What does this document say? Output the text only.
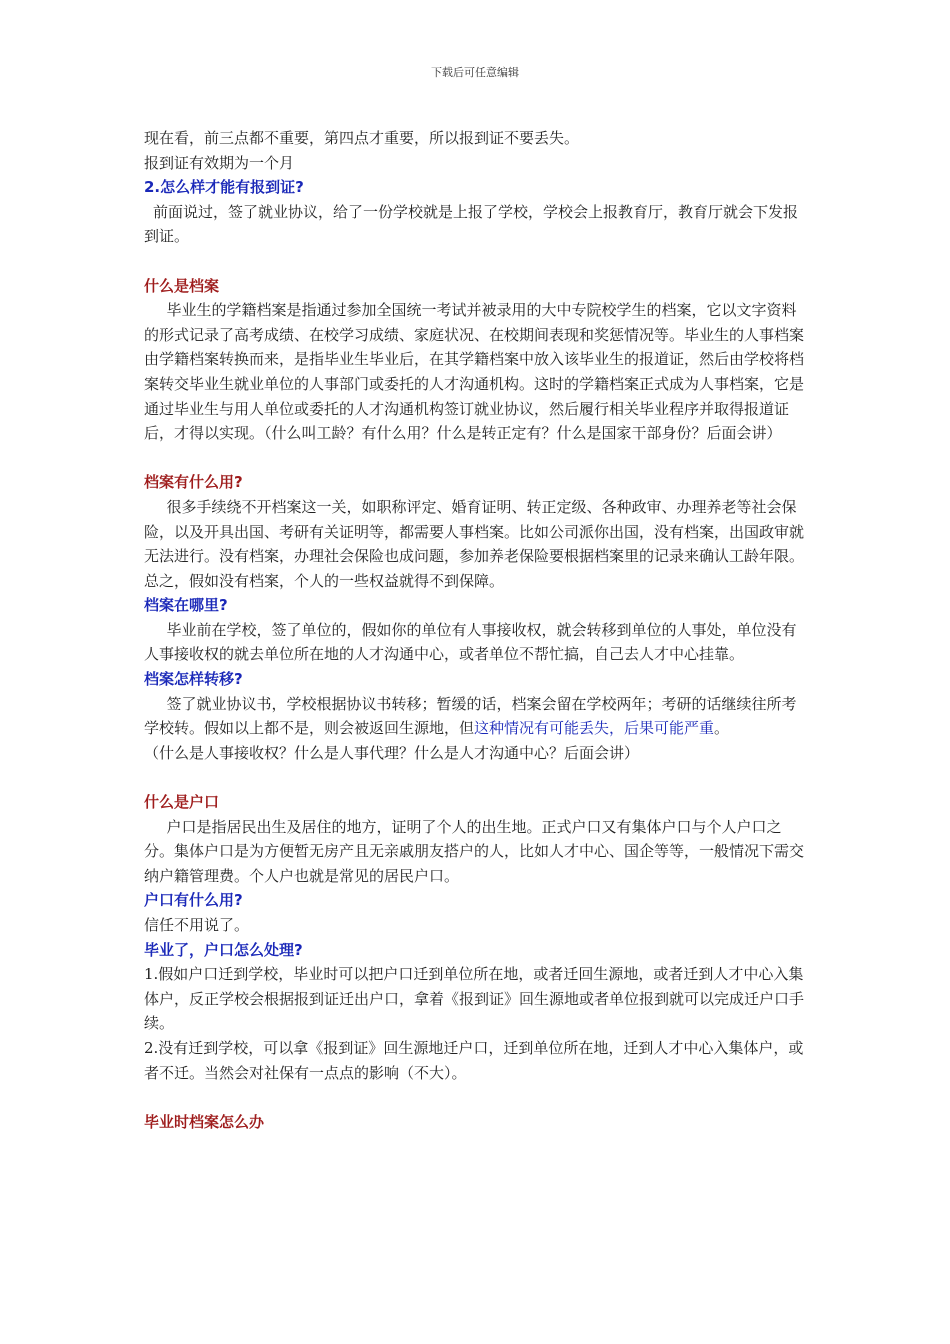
下载后可任意编辑

现在看，前三点都不重要，第四点才重要，所以报到证不要丢失。

报到证有效期为一个月

2.怎么样才能有报到证?

前面说过，签了就业协议，给了一份学校就是上报了学校，学校会上报教育厅，教育厅就会下发报到证。

什么是档案

毕业生的学籍档案是指通过参加全国统一考试并被录用的大中专院校学生的档案，它以文字资料的形式记录了高考成绩、在校学习成绩、家庭状况、在校期间表现和奖惩情况等。毕业生的人事档案由学籍档案转换而来，是指毕业生毕业后，在其学籍档案中放入该毕业生的报道证，然后由学校将档案转交毕业生就业单位的人事部门或委托的人才沟通机构。这时的学籍档案正式成为人事档案，它是通过毕业生与用人单位或委托的人才沟通机构签订就业协议，然后履行相关毕业程序并取得报道证后，才得以实现。（什么叫工龄？有什么用？什么是转正定有？什么是国家干部身份？后面会讲）

档案有什么用?

很多手续绕不开档案这一关，如职称评定、婚育证明、转正定级、各种政审、办理养老等社会保险，以及开具出国、考研有关证明等，都需要人事档案。比如公司派你出国，没有档案，出国政审就无法进行。没有档案，办理社会保险也成问题，参加养老保险要根据档案里的记录来确认工龄年限。总之，假如没有档案，个人的一些权益就得不到保障。

档案在哪里?

毕业前在学校，签了单位的，假如你的单位有人事接收权，就会转移到单位的人事处，单位没有人事接收权的就去单位所在地的人才沟通中心，或者单位不帮忙搞，自己去人才中心挂靠。

档案怎样转移?

签了就业协议书，学校根据协议书转移；暂缓的话，档案会留在学校两年；考研的话继续往所考学校转。假如以上都不是，则会被返回生源地，但这种情况有可能丢失，后果可能严重。

（什么是人事接收权？什么是人事代理？什么是人才沟通中心？后面会讲）

什么是户口

户口是指居民出生及居住的地方，证明了个人的出生地。正式户口又有集体户口与个人户口之分。集体户口是为方便暂无房产且无亲戚朋友搭户的人，比如人才中心、国企等等，一般情况下需交纳户籍管理费。个人户也就是常见的居民户口。

户口有什么用?

信任不用说了。

毕业了，户口怎么处理?

1.假如户口迁到学校，毕业时可以把户口迁到单位所在地，或者迁回生源地，或者迁到人才中心入集体户，反正学校会根据报到证迁出户口，拿着《报到证》回生源地或者单位报到就可以完成迁户口手续。

2.没有迁到学校，可以拿《报到证》回生源地迁户口，迁到单位所在地，迁到人才中心入集体户，或者不迁。当然会对社保有一点点的影响（不大）。

毕业时档案怎么办
